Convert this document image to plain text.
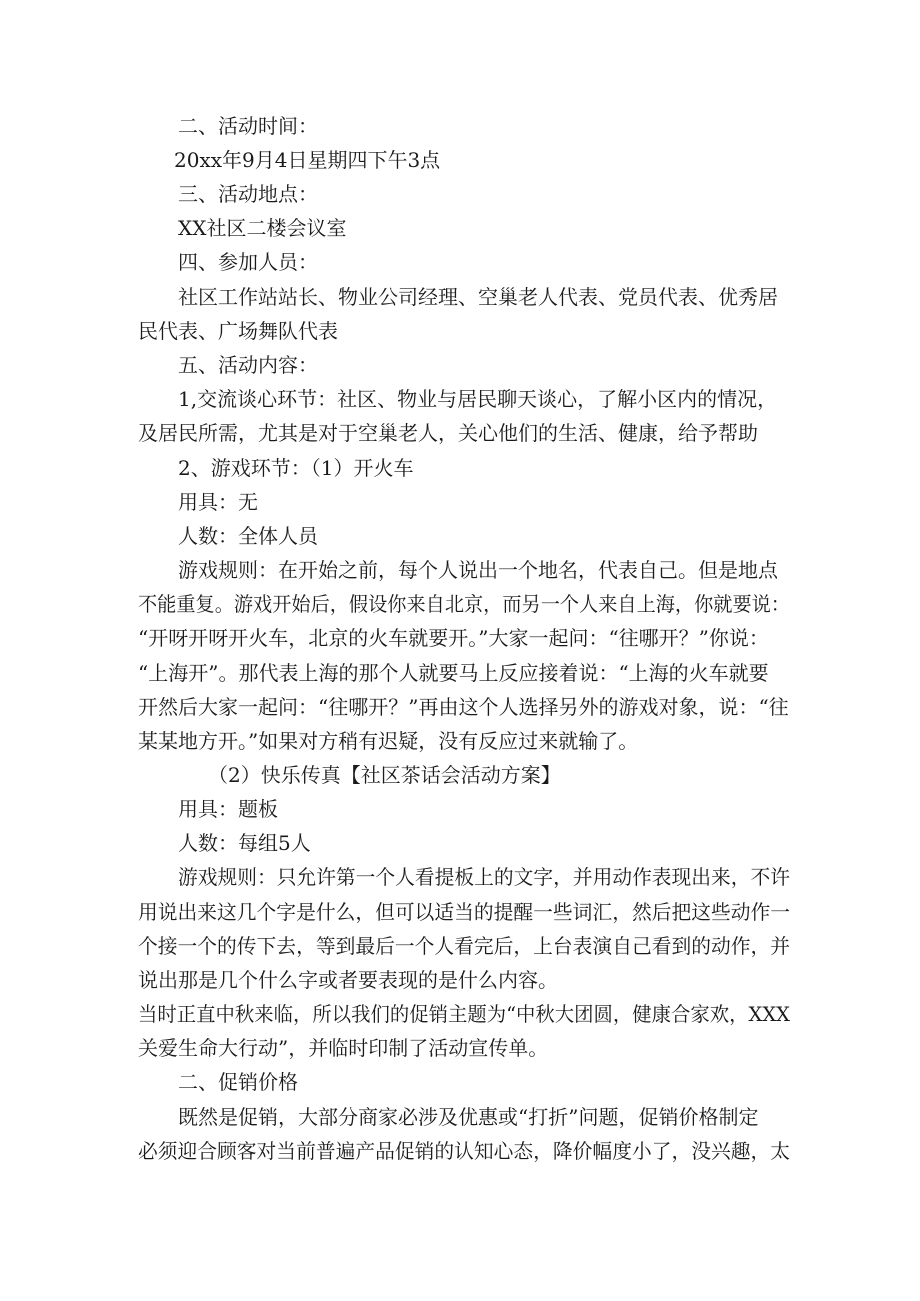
二、活动时间：
20xx年9月4日星期四下午3点
三、活动地点：
XX社区二楼会议室
四、参加人员：
社区工作站站长、物业公司经理、空巢老人代表、党员代表、优秀居
民代表、广场舞队代表
五、活动内容：
1,交流谈心环节：社区、物业与居民聊天谈心，了解小区内的情况，
及居民所需，尤其是对于空巢老人，关心他们的生活、健康，给予帮助
2、游戏环节：（1）开火车
用具：无
人数：全体人员
游戏规则：在开始之前，每个人说出一个地名，代表自己。但是地点
不能重复。游戏开始后，假设你来自北京，而另一个人来自上海，你就要说：
“开呀开呀开火车，北京的火车就要开。”大家一起问：“往哪开？”你说：
“上海开”。那代表上海的那个人就要马上反应接着说：“上海的火车就要
开然后大家一起问：“往哪开？”再由这个人选择另外的游戏对象，说：“往
某某地方开。”如果对方稍有迟疑，没有反应过来就输了。
（2）快乐传真【社区茶话会活动方案】
用具：题板
人数：每组5人
游戏规则：只允许第一个人看提板上的文字，并用动作表现出来，不许
用说出来这几个字是什么，但可以适当的提醒一些词汇，然后把这些动作一
个接一个的传下去，等到最后一个人看完后，上台表演自己看到的动作，并
说出那是几个什么字或者要表现的是什么内容。
当时正直中秋来临，所以我们的促销主题为“中秋大团圆，健康合家欢，XXX
关爱生命大行动”，并临时印制了活动宣传单。
二、促销价格
既然是促销，大部分商家必涉及优惠或“打折”问题，促销价格制定
必须迎合顾客对当前普遍产品促销的认知心态，降价幅度小了，没兴趣，太
